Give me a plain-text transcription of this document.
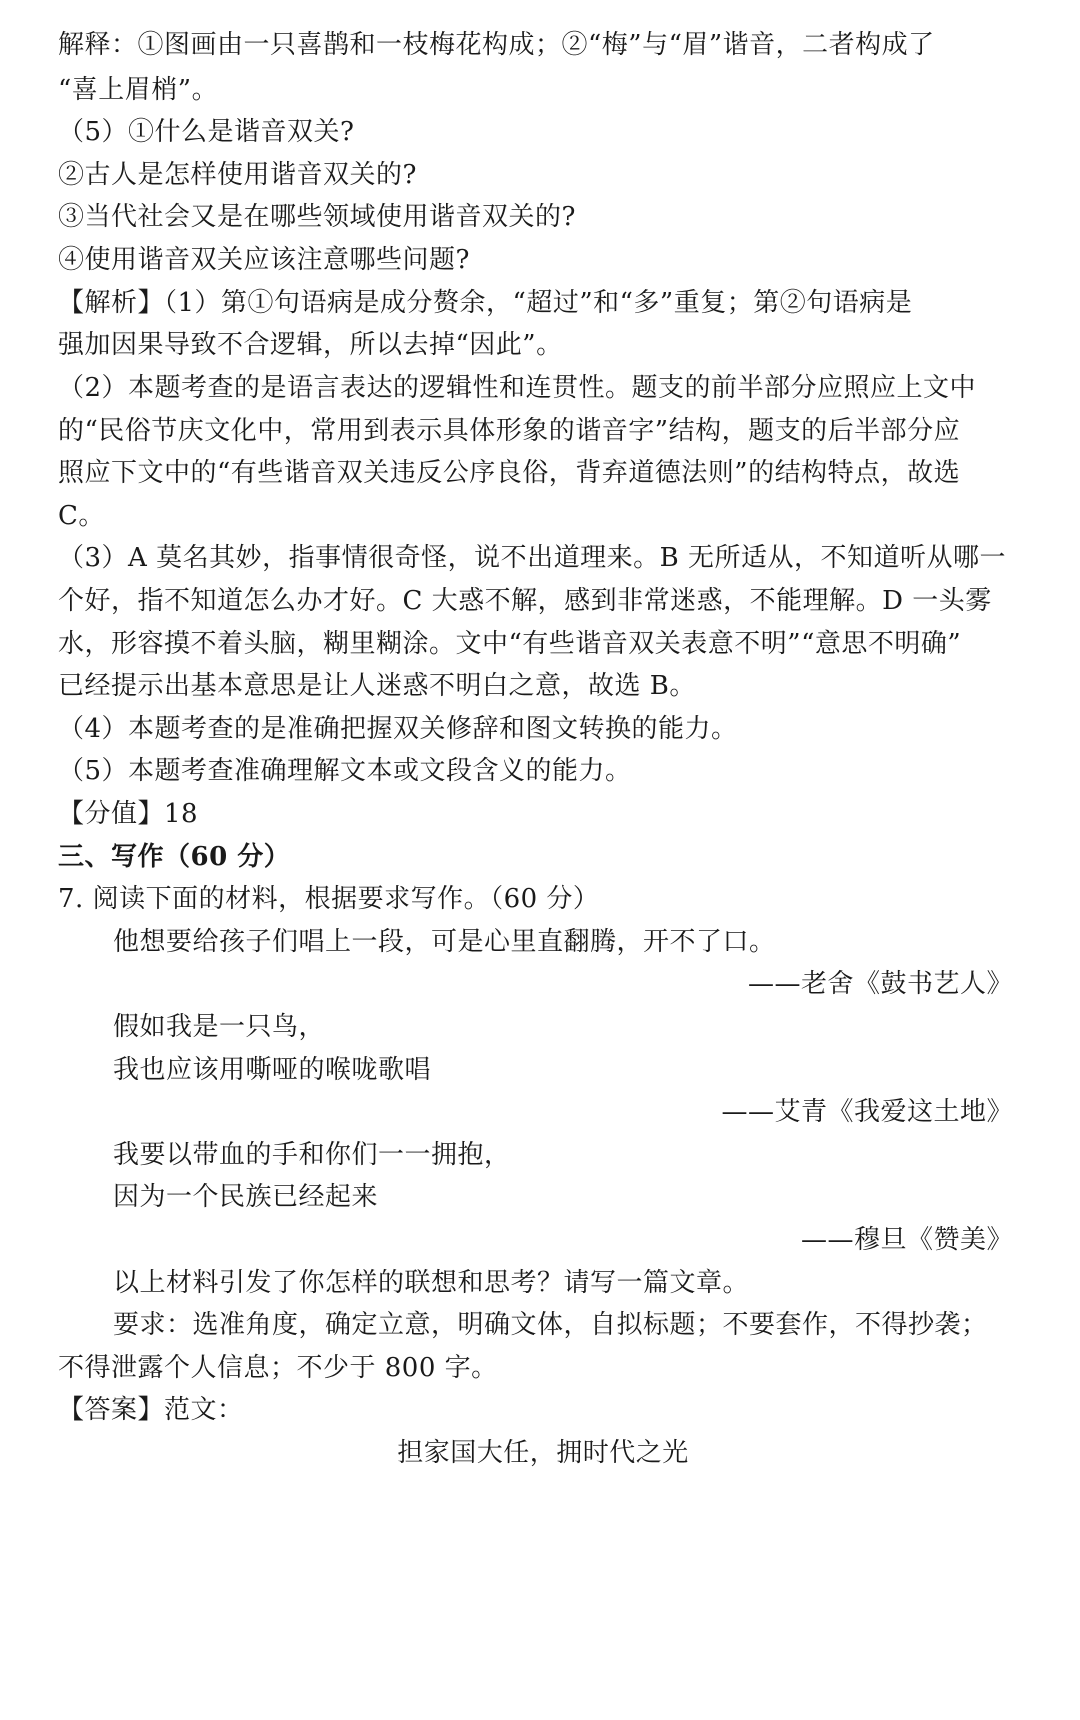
解释：①图画由一只喜鹊和一枝梅花构成；②“梅”与“眉”谐音，二者构成了
“喜上眉梢”。
（5）①什么是谐音双关?
②古人是怎样使用谐音双关的?
③当代社会又是在哪些领域使用谐音双关的?
④使用谐音双关应该注意哪些问题?
【解析】（1）第①句语病是成分赘余，“超过”和“多”重复；第②句语病是
强加因果导致不合逻辑，所以去掉“因此”。
（2）本题考查的是语言表达的逻辑性和连贯性。题支的前半部分应照应上文中
的“民俗节庆文化中，常用到表示具体形象的谐音字”结构，题支的后半部分应
照应下文中的“有些谐音双关违反公序良俗，背弃道德法则”的结构特点，故选
C。
（3）A 莫名其妙，指事情很奇怪，说不出道理来。B 无所适从，不知道听从哪一
个好，指不知道怎么办才好。C 大惑不解，感到非常迷惑，不能理解。D 一头雾
水，形容摸不着头脑，糊里糊涂。文中“有些谐音双关表意不明”“意思不明确”
已经提示出基本意思是让人迷惑不明白之意，故选 B。
（4）本题考查的是准确把握双关修辞和图文转换的能力。
（5）本题考查准确理解文本或文段含义的能力。
【分值】18
三、写作（60 分）
7. 阅读下面的材料，根据要求写作。（60 分）
他想要给孩子们唱上一段，可是心里直翻腾，开不了口。
——老舍《鼓书艺人》
假如我是一只鸟，
我也应该用嘶哑的喉咙歌唱
——艾青《我爱这土地》
我要以带血的手和你们一一拥抱，
因为一个民族已经起来
——穆旦《赞美》
以上材料引发了你怎样的联想和思考？请写一篇文章。
要求：选准角度，确定立意，明确文体，自拟标题；不要套作，不得抄袭；
不得泄露个人信息；不少于 800 字。
【答案】范文：
担家国大任，拥时代之光
